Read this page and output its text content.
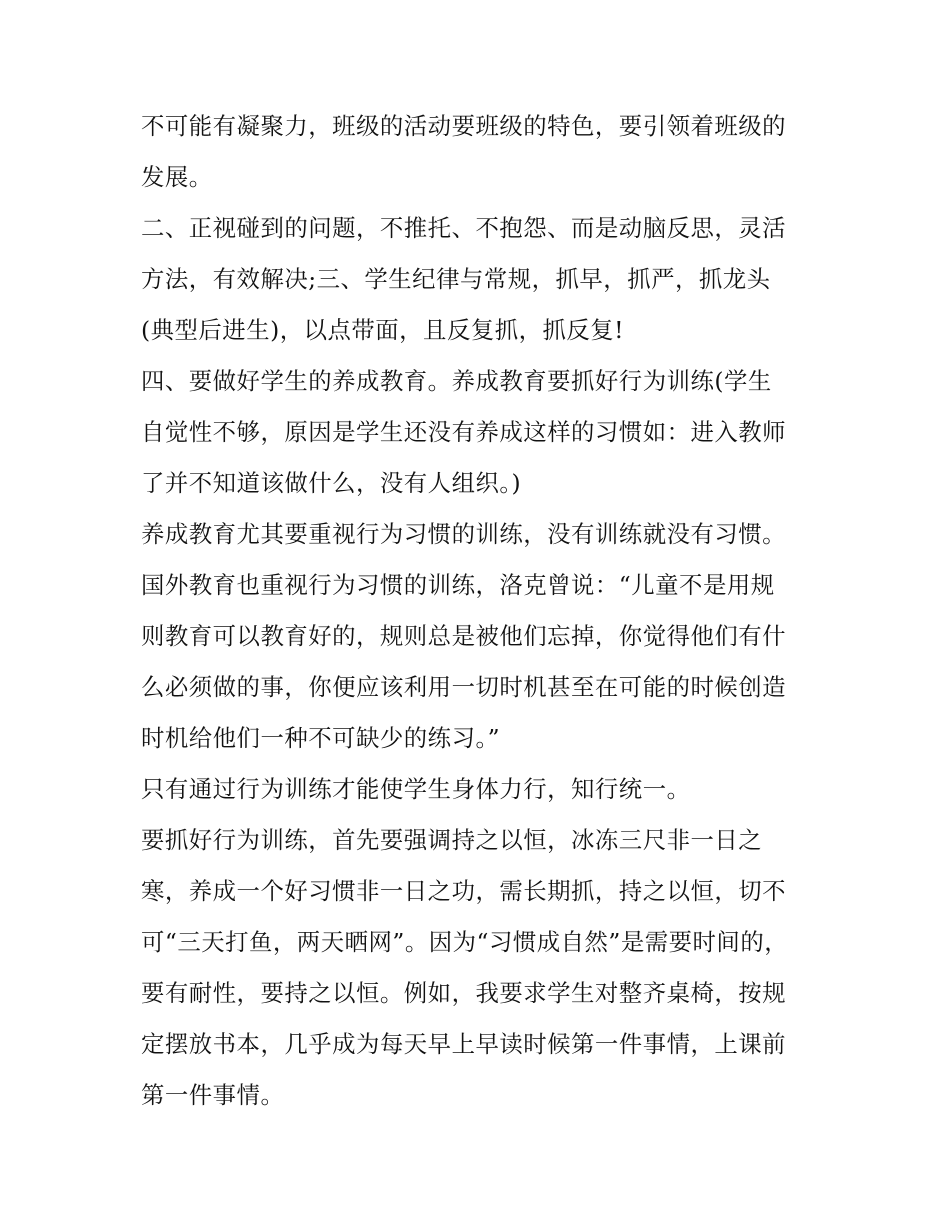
不可能有凝聚力，班级的活动要班级的特色，要引领着班级的
发展。
二、正视碰到的问题，不推托、不抱怨、而是动脑反思，灵活
方法，有效解决;三、学生纪律与常规，抓早，抓严，抓龙头
(典型后进生)，以点带面，且反复抓，抓反复!
四、要做好学生的养成教育。养成教育要抓好行为训练(学生
自觉性不够，原因是学生还没有养成这样的习惯如：进入教师
了并不知道该做什么，没有人组织。)
养成教育尤其要重视行为习惯的训练，没有训练就没有习惯。
国外教育也重视行为习惯的训练，洛克曾说：“儿童不是用规
则教育可以教育好的，规则总是被他们忘掉，你觉得他们有什
么必须做的事，你便应该利用一切时机甚至在可能的时候创造
时机给他们一种不可缺少的练习。”
只有通过行为训练才能使学生身体力行，知行统一。
要抓好行为训练，首先要强调持之以恒，冰冻三尺非一日之
寒，养成一个好习惯非一日之功，需长期抓，持之以恒，切不
可“三天打鱼，两天晒网”。因为“习惯成自然”是需要时间的，
要有耐性，要持之以恒。例如，我要求学生对整齐桌椅，按规
定摆放书本，几乎成为每天早上早读时候第一件事情，上课前
第一件事情。
